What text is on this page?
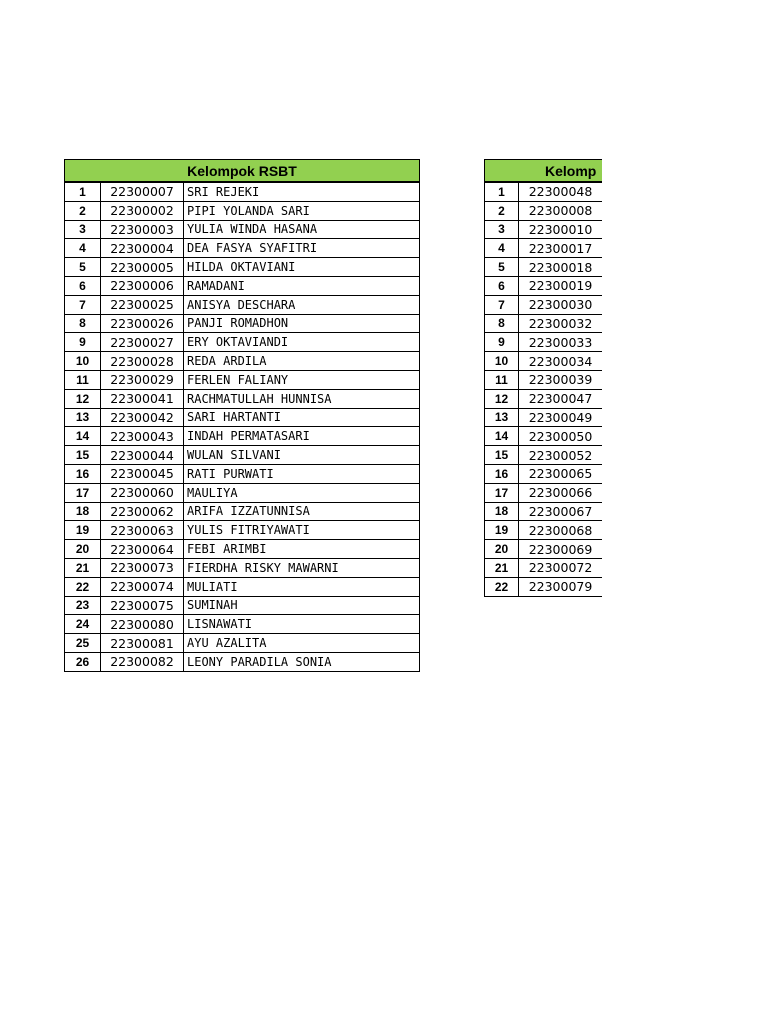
Kelompok RSBT		
1	22300007	SRI REJEKI
2	22300002	PIPI YOLANDA SARI
3	22300003	YULIA WINDA HASANA
4	22300004	DEA FASYA SYAFITRI
5	22300005	HILDA OKTAVIANI
6	22300006	RAMADANI
7	22300025	ANISYA DESCHARA
8	22300026	PANJI ROMADHON
9	22300027	ERY OKTAVIANDI
10	22300028	REDA ARDILA
11	22300029	FERLEN FALIANY
12	22300041	RACHMATULLAH HUNNISA
13	22300042	SARI HARTANTI
14	22300043	INDAH PERMATASARI
15	22300044	WULAN SILVANI
16	22300045	RATI PURWATI
17	22300060	MAULIYA
18	22300062	ARIFA IZZATUNNISA
19	22300063	YULIS FITRIYAWATI
20	22300064	FEBI ARIMBI
21	22300073	FIERDHA RISKY MAWARNI
22	22300074	MULIATI
23	22300075	SUMINAH
24	22300080	LISNAWATI
25	22300081	AYU AZALITA
26	22300082	LEONY PARADILA SONIA
Kelomp	
1	22300048
2	22300008
3	22300010
4	22300017
5	22300018
6	22300019
7	22300030
8	22300032
9	22300033
10	22300034
11	22300039
12	22300047
13	22300049
14	22300050
15	22300052
16	22300065
17	22300066
18	22300067
19	22300068
20	22300069
21	22300072
22	22300079
